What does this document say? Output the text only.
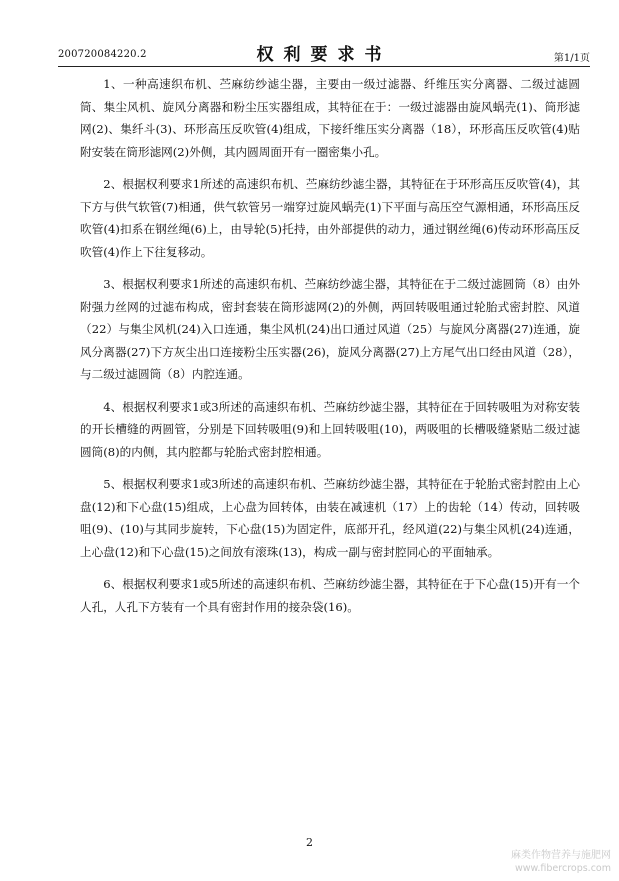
200720084220.2	权利要求书	第1/1页

1、一种高速织布机、苎麻纺纱滤尘器，主要由一级过滤器、纤维压实分离器、二级过滤圆筒、集尘风机、旋风分离器和粉尘压实器组成，其特征在于：一级过滤器由旋风蜗壳(1)、筒形滤网(2)、集纤斗(3)、环形高压反吹管(4)组成，下接纤维压实分离器（18），环形高压反吹管(4)贴附安装在筒形滤网(2)外侧，其内圆周面开有一圈密集小孔。

2、根据权利要求1所述的高速织布机、苎麻纺纱滤尘器，其特征在于环形高压反吹管(4)，其下方与供气软管(7)相通，供气软管另一端穿过旋风蜗壳(1)下平面与高压空气源相通，环形高压反吹管(4)扣系在钢丝绳(6)上，由导轮(5)托持，由外部提供的动力，通过钢丝绳(6)传动环形高压反吹管(4)作上下往复移动。

3、根据权利要求1所述的高速织布机、苎麻纺纱滤尘器，其特征在于二级过滤圆筒（8）由外附强力丝网的过滤布构成，密封套装在筒形滤网(2)的外侧，两回转吸咀通过轮胎式密封腔、风道（22）与集尘风机(24)入口连通，集尘风机(24)出口通过风道（25）与旋风分离器(27)连通，旋风分离器(27)下方灰尘出口连接粉尘压实器(26)，旋风分离器(27)上方尾气出口经由风道（28），与二级过滤圆筒（8）内腔连通。

4、根据权利要求1或3所述的高速织布机、苎麻纺纱滤尘器，其特征在于回转吸咀为对称安装的开长槽缝的两圆管，分别是下回转吸咀(9)和上回转吸咀(10)，两吸咀的长槽吸缝紧贴二级过滤圆筒(8)的内侧，其内腔都与轮胎式密封腔相通。

5、根据权利要求1或3所述的高速织布机、苎麻纺纱滤尘器，其特征在于轮胎式密封腔由上心盘(12)和下心盘(15)组成，上心盘为回转体，由装在减速机（17）上的齿轮（14）传动，回转吸咀(9)、(10)与其同步旋转，下心盘(15)为固定件，底部开孔，经风道(22)与集尘风机(24)连通，上心盘(12)和下心盘(15)之间放有滚珠(13)，构成一副与密封腔同心的平面轴承。

6、根据权利要求1或5所述的高速织布机、苎麻纺纱滤尘器，其特征在于下心盘(15)开有一个人孔，人孔下方装有一个具有密封作用的接杂袋(16)。

2
麻类作物营养与施肥网
www.fibercrops.com
